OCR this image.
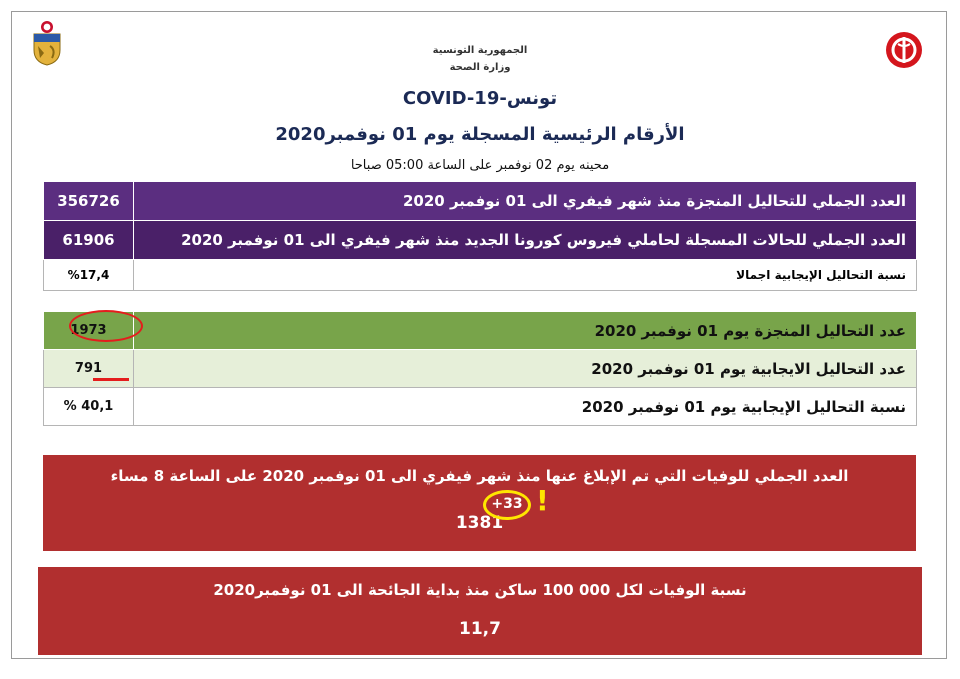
الجمهورية التونسية
وزارة الصحة
COVID-19-تونس
الأرقام الرئيسية المسجلة يوم 01 نوفمبر2020
محينه يوم 02 نوفمبر على الساعة 05:00 صباحا
356726	العدد الجملي للتحاليل المنجزة منذ شهر فيفري الى 01 نوفمبر 2020
61906	العدد الجملي للحالات المسجلة لحاملي فيروس كورونا الجديد منذ شهر فيفري الى 01 نوفمبر 2020
%17,4	نسبة التحاليل الإيجابية اجمالا
1973	عدد التحاليل المنجزة يوم 01 نوفمبر 2020
791	عدد التحاليل الايجابية يوم 01 نوفمبر 2020
% 40,1	نسبة التحاليل الإيجابية يوم 01 نوفمبر 2020
العدد الجملي للوفيات التي تم الإبلاغ عنها منذ شهر فيفري الى 01 نوفمبر 2020 على الساعة 8 مساء
1381
+33 !
نسبة الوفيات لكل 000 100 ساكن منذ بداية الجائحة الى 01 نوفمبر2020
11,7
